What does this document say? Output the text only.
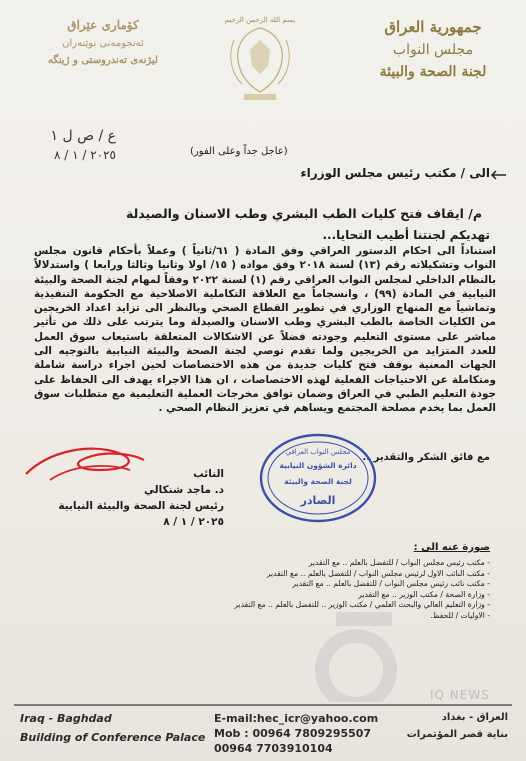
جمهورية العراق
مجلس النواب
لجنة الصحة والبيئة
كۆماری عێراق
ئەنجومەنی نوێنەران
لیژنەی تەندروستی و ژینگە
بسم الله الرحمن الرحيم
ع / ص ل ١
٢٠٢٥ / ١ / ٨	(عاجل جداً وعلى الفور)
الى / مكتب رئيس مجلس الوزراء
م/ ايقاف فتح كليات الطب البشري وطب الاسنان والصيدلة
تهديكم لجنتنا أطيب التحايا...
استناداً الى احكام الدستور العراقي وفق المادة ( ٦١/ثانياً ) وعملاً بأحكام قانون مجلس النواب وتشكيلاته رقم (١٣) لسنة ٢٠١٨ وفق مواده ( ١٥/ اولا وثانيا وثالثا ورابعا ) واستدلالاً بالنظام الداخلي لمجلس النواب العراقي رقم (١) لسنة ٢٠٢٢ وفقاً لمهام لجنة الصحة والبيئة النيابية في المادة (٩٩) ، وانسجاماً مع العلاقة التكاملية الاصلاحية مع الحكومة التنفيذية وتماشياً مع المنهاج الوزاري في تطوير القطاع الصحي وبالنظر الى تزايد اعداد الخريجين من الكليات الخاصة بالطب البشري وطب الاسنان والصيدلة وما يترتب على ذلك من تأثير مباشر على مستوى التعليم وجودته فضلاً عن الاشكالات المتعلقة باستيعاب سوق العمل للعدد المتزايد من الخريجين ولما تقدم توصي لجنة الصحة والبيئة النيابية بالتوجيه الى الجهات المعنية بوقف فتح كليات جديدة من هذه الاختصاصات لحين اجراء دراسة شاملة ومتكاملة عن الاحتياجات الفعلية لهذه الاختصاصات ، ان هذا الاجراء يهدف الى الحفاظ على جودة التعليم الطبي في العراق وضمان توافق مخرجات العملية التعليمية مع متطلبات سوق العمل بما يخدم مصلحة المجتمع ويساهم في تعزيز النظام الصحي .
مع فائق الشكر والتقدير ..
النائب
د. ماجد شنكالي
رئيس لجنة الصحة والبيئة النيابية
٢٠٢٥ / ١ / ٨
مجلس النواب العراقي
دائرة الشؤون النيابية
لجنة الصحة والبيئة
الصادر
صورة عنه الى :
- مكتب رئيس مجلس النواب / للتفضل بالعلم .. مع التقدير
- مكتب النائب الاول لرئيس مجلس النواب / للتفضل بالعلم .. مع التقدير
- مكتب نائب رئيس مجلس النواب / للتفضل بالعلم .. مع التقدير
- وزارة الصحة / مكتب الوزير .. مع التقدير
- وزارة التعليم العالي والبحث العلمي / مكتب الوزير .. للتفضل بالعلم .. مع التقدير
- الاوليات / للحفظ.
IQ NEWS
Iraq - Baghdad
Building of Conference Palace
E-mail:hec_icr@yahoo.com
Mob : 00964 7809295507
00964 7703910104
العراق - بغداد
بناية قصر المؤتمرات
